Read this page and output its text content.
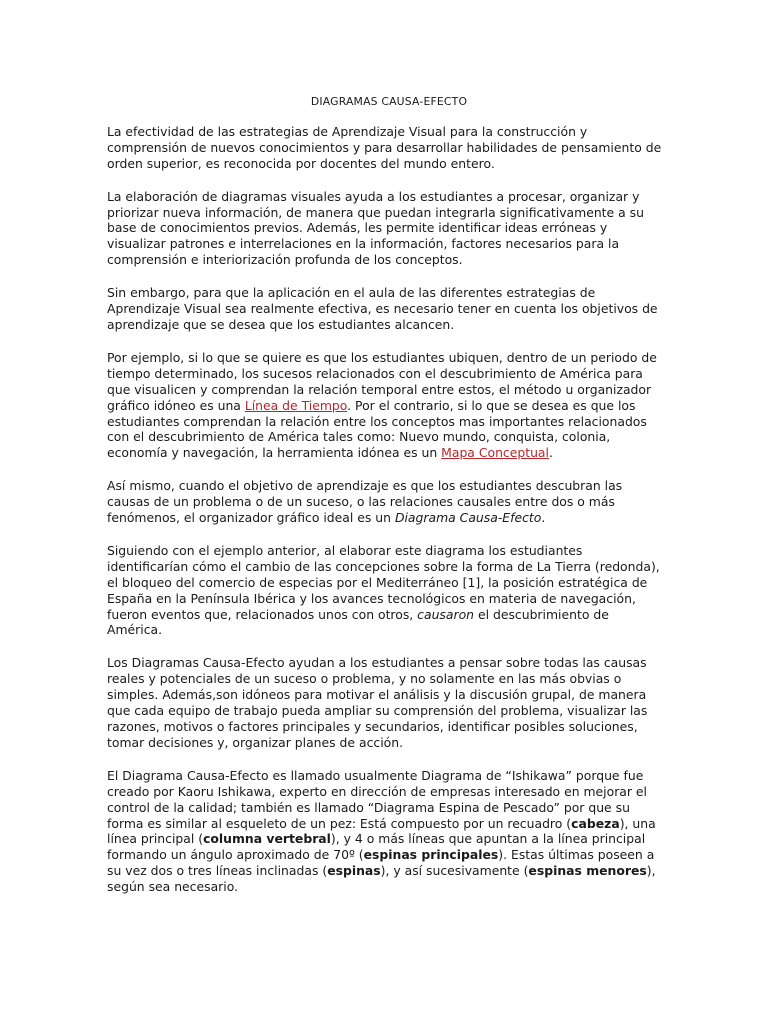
DIAGRAMAS CAUSA-EFECTO

La efectividad de las estrategias de Aprendizaje Visual para la construcción y comprensión de nuevos conocimientos y para desarrollar habilidades de pensamiento de orden superior, es reconocida por docentes del mundo entero.

La elaboración de diagramas visuales ayuda a los estudiantes a procesar, organizar y priorizar nueva información, de manera que puedan integrarla significativamente a su base de conocimientos previos. Además, les permite identificar ideas erróneas y visualizar patrones e interrelaciones en la información, factores necesarios para la comprensión e interiorización profunda de los conceptos.

Sin embargo, para que la aplicación en el aula de las diferentes estrategias de Aprendizaje Visual sea realmente efectiva, es necesario tener en cuenta los objetivos de aprendizaje que se desea que los estudiantes alcancen.

Por ejemplo, si lo que se quiere es que los estudiantes ubiquen, dentro de un periodo de tiempo determinado, los sucesos relacionados con el descubrimiento de América para que visualicen y comprendan la relación temporal entre estos, el método u organizador gráfico idóneo es una Línea de Tiempo. Por el contrario, si lo que se desea es que los estudiantes comprendan la relación entre los conceptos mas importantes relacionados con el descubrimiento de América tales como: Nuevo mundo, conquista, colonia, economía y navegación, la herramienta idónea es un Mapa Conceptual.

Así mismo, cuando el objetivo de aprendizaje es que los estudiantes descubran las causas de un problema o de un suceso, o las relaciones causales entre dos o más fenómenos, el organizador gráfico ideal es un Diagrama Causa-Efecto.

Siguiendo con el ejemplo anterior, al elaborar este diagrama los estudiantes identificarían cómo el cambio de las concepciones sobre la forma de La Tierra (redonda), el bloqueo del comercio de especias por el Mediterráneo [1], la posición estratégica de España en la Península Ibérica y los avances tecnológicos en materia de navegación, fueron eventos que, relacionados unos con otros, causaron el descubrimiento de América.

Los Diagramas Causa-Efecto ayudan a los estudiantes a pensar sobre todas las causas reales y potenciales de un suceso o problema, y no solamente en las más obvias o simples. Además,son idóneos para motivar el análisis y la discusión grupal, de manera que cada equipo de trabajo pueda ampliar su comprensión del problema, visualizar las razones, motivos o factores principales y secundarios, identificar posibles soluciones, tomar decisiones y, organizar planes de acción.

El Diagrama Causa-Efecto es llamado usualmente Diagrama de “Ishikawa” porque fue creado por Kaoru Ishikawa, experto en dirección de empresas interesado en mejorar el control de la calidad; también es llamado “Diagrama Espina de Pescado” por que su forma es similar al esqueleto de un pez: Está compuesto por un recuadro (cabeza), una línea principal (columna vertebral), y 4 o más líneas que apuntan a la línea principal formando un ángulo aproximado de 70º (espinas principales). Estas últimas poseen a su vez dos o tres líneas inclinadas (espinas), y así sucesivamente (espinas menores), según sea necesario.
